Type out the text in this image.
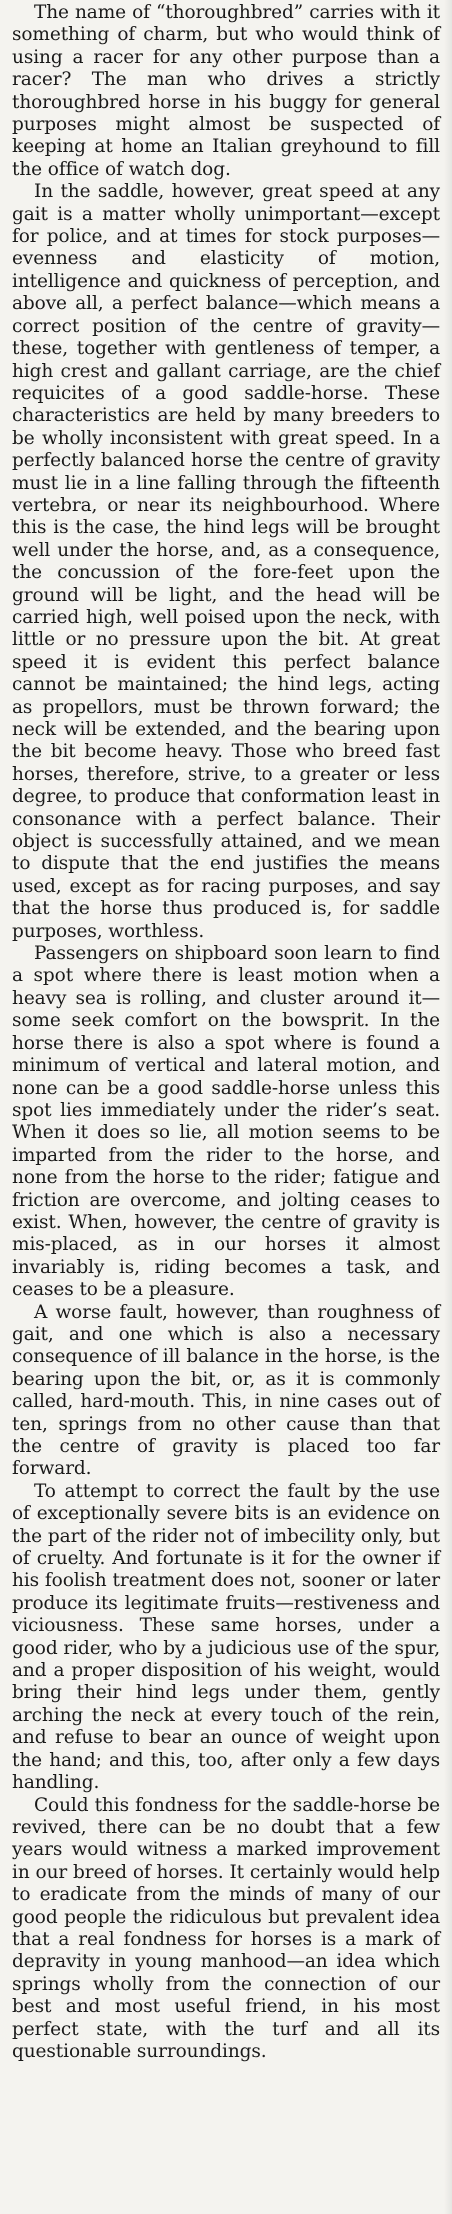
The name of “thoroughbred” carries with it something of charm, but who would think of using a racer for any other purpose than a racer? The man who drives a strictly thoroughbred horse in his buggy for general purposes might almost be suspected of keeping at home an Italian greyhound to fill the office of watch dog.

In the saddle, however, great speed at any gait is a matter wholly unimportant—except for police, and at times for stock purposes—evenness and elasticity of motion, intelligence and quickness of perception, and above all, a perfect balance—which means a correct position of the centre of gravity—these, together with gentleness of temper, a high crest and gallant carriage, are the chief requicites of a good saddle-horse. These characteristics are held by many breeders to be wholly inconsistent with great speed. In a perfectly balanced horse the centre of gravity must lie in a line falling through the fifteenth vertebra, or near its neighbourhood. Where this is the case, the hind legs will be brought well under the horse, and, as a consequence, the concussion of the fore-feet upon the ground will be light, and the head will be carried high, well poised upon the neck, with little or no pressure upon the bit. At great speed it is evident this perfect balance cannot be maintained; the hind legs, acting as propellors, must be thrown forward; the neck will be extended, and the bearing upon the bit become heavy. Those who breed fast horses, therefore, strive, to a greater or less degree, to produce that conformation least in consonance with a perfect balance. Their object is successfully attained, and we mean to dispute that the end justifies the means used, except as for racing purposes, and say that the horse thus produced is, for saddle purposes, worthless.

Passengers on shipboard soon learn to find a spot where there is least motion when a heavy sea is rolling, and cluster around it—some seek comfort on the bowsprit. In the horse there is also a spot where is found a minimum of vertical and lateral motion, and none can be a good saddle-horse unless this spot lies immediately under the rider’s seat. When it does so lie, all motion seems to be imparted from the rider to the horse, and none from the horse to the rider; fatigue and friction are overcome, and jolting ceases to exist. When, however, the centre of gravity is mis-placed, as in our horses it almost invariably is, riding becomes a task, and ceases to be a pleasure.

A worse fault, however, than roughness of gait, and one which is also a necessary consequence of ill balance in the horse, is the bearing upon the bit, or, as it is commonly called, hard-mouth. This, in nine cases out of ten, springs from no other cause than that the centre of gravity is placed too far forward.

To attempt to correct the fault by the use of exceptionally severe bits is an evidence on the part of the rider not of imbecility only, but of cruelty. And fortunate is it for the owner if his foolish treatment does not, sooner or later produce its legitimate fruits—restiveness and viciousness. These same horses, under a good rider, who by a judicious use of the spur, and a proper disposition of his weight, would bring their hind legs under them, gently arching the neck at every touch of the rein, and refuse to bear an ounce of weight upon the hand; and this, too, after only a few days handling.

Could this fondness for the saddle-horse be revived, there can be no doubt that a few years would witness a marked improvement in our breed of horses. It certainly would help to eradicate from the minds of many of our good people the ridiculous but prevalent idea that a real fondness for horses is a mark of depravity in young manhood—an idea which springs wholly from the connection of our best and most useful friend, in his most perfect state, with the turf and all its questionable surroundings.
